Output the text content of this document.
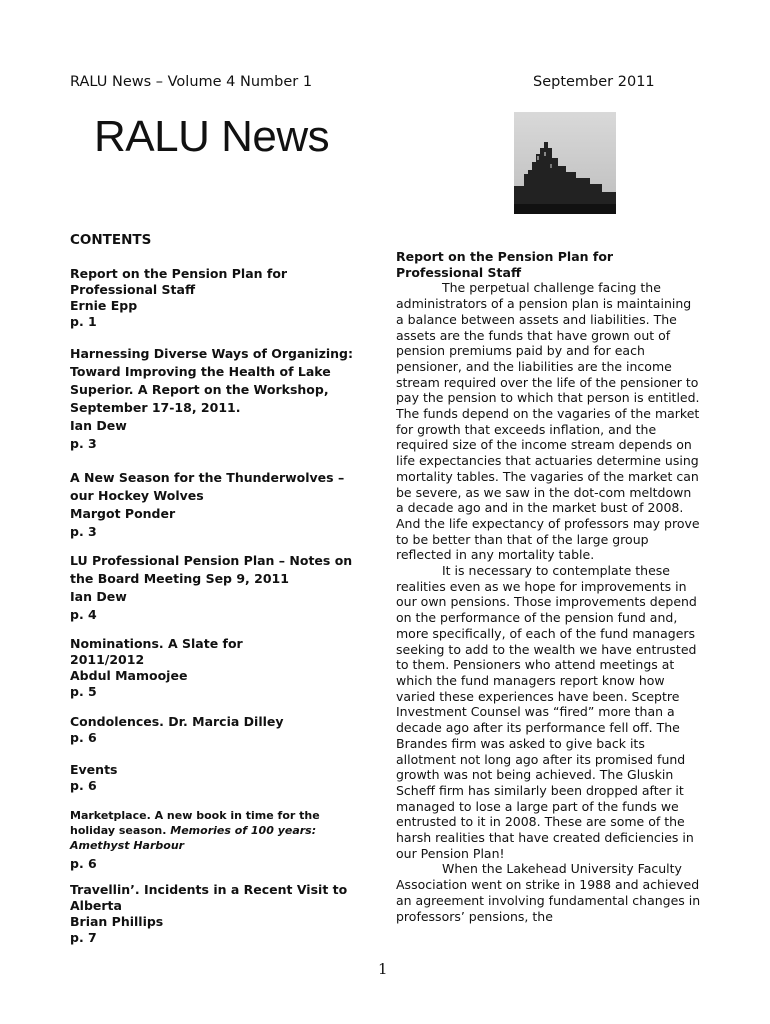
RALU News – Volume 4 Number 1	September 2011
RALU News
CONTENTS
Report on the Pension Plan for
Professional Staff
Ernie Epp
p. 1
Harnessing Diverse Ways of Organizing:
Toward Improving the Health of Lake
Superior. A Report on the Workshop,
September 17-18, 2011.
Ian Dew
p. 3
A New Season for the Thunderwolves –
our Hockey Wolves
Margot Ponder
p. 3
LU Professional Pension Plan – Notes on
the Board Meeting Sep 9, 2011
Ian Dew
p. 4
Nominations. A Slate for
2011/2012
Abdul Mamoojee
p. 5
Condolences. Dr. Marcia Dilley
p. 6
Events
p. 6
Marketplace. A new book in time for the
holiday season. Memories of 100 years:
Amethyst Harbour
p. 6
Travellin’. Incidents in a Recent Visit to
Alberta
Brian Phillips
p. 7
Report on the Pension Plan for
Professional Staff

The perpetual challenge facing the administrators of a pension plan is maintaining a balance between assets and liabilities. The assets are the funds that have grown out of pension premiums paid by and for each pensioner, and the liabilities are the income stream required over the life of the pensioner to pay the pension to which that person is entitled. The funds depend on the vagaries of the market for growth that exceeds inflation, and the required size of the income stream depends on life expectancies that actuaries determine using mortality tables. The vagaries of the market can be severe, as we saw in the dot-com meltdown a decade ago and in the market bust of 2008. And the life expectancy of professors may prove to be better than that of the large group reflected in any mortality table.

It is necessary to contemplate these realities even as we hope for improvements in our own pensions. Those improvements depend on the performance of the pension fund and, more specifically, of each of the fund managers seeking to add to the wealth we have entrusted to them. Pensioners who attend meetings at which the fund managers report know how varied these experiences have been. Sceptre Investment Counsel was “fired” more than a decade ago after its performance fell off. The Brandes firm was asked to give back its allotment not long ago after its promised fund growth was not being achieved. The Gluskin Scheff firm has similarly been dropped after it managed to lose a large part of the funds we entrusted to it in 2008. These are some of the harsh realities that have created deficiencies in our Pension Plan!

When the Lakehead University Faculty Association went on strike in 1988 and achieved an agreement involving fundamental changes in professors’ pensions, the

1
